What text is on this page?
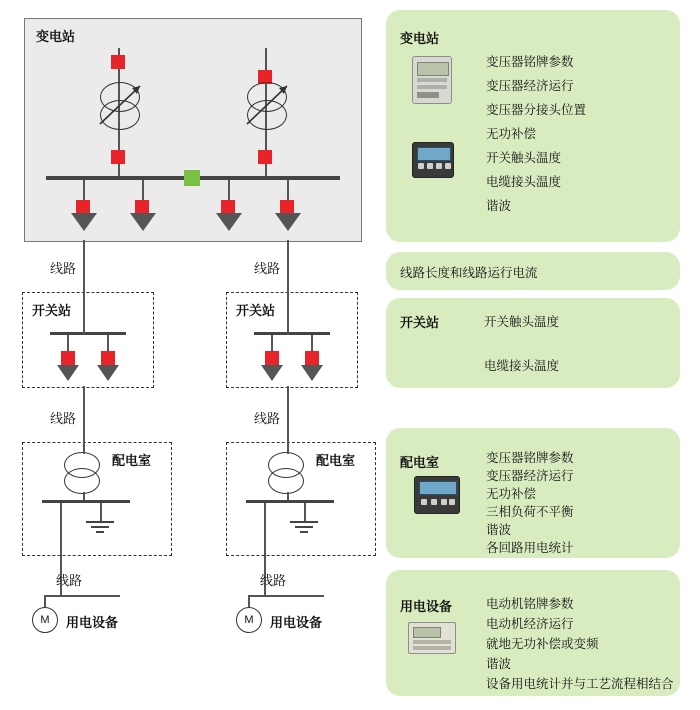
变电站
线路	线路
开关站	开关站
线路	线路
配电室	配电室
线路	线路
M	用电设备	M	用电设备
变电站
变压器铭牌参数
变压器经济运行
变压器分接头位置
无功补偿
开关触头温度
电缆接头温度
谐波
线路长度和线路运行电流
开关站	开关触头温度
电缆接头温度
配电室	变压器铭牌参数
变压器经济运行
无功补偿
三相负荷不平衡
谐波
各回路用电统计
用电设备	电动机铭牌参数
电动机经济运行
就地无功补偿或变频
谐波
设备用电统计并与工艺流程相结合
